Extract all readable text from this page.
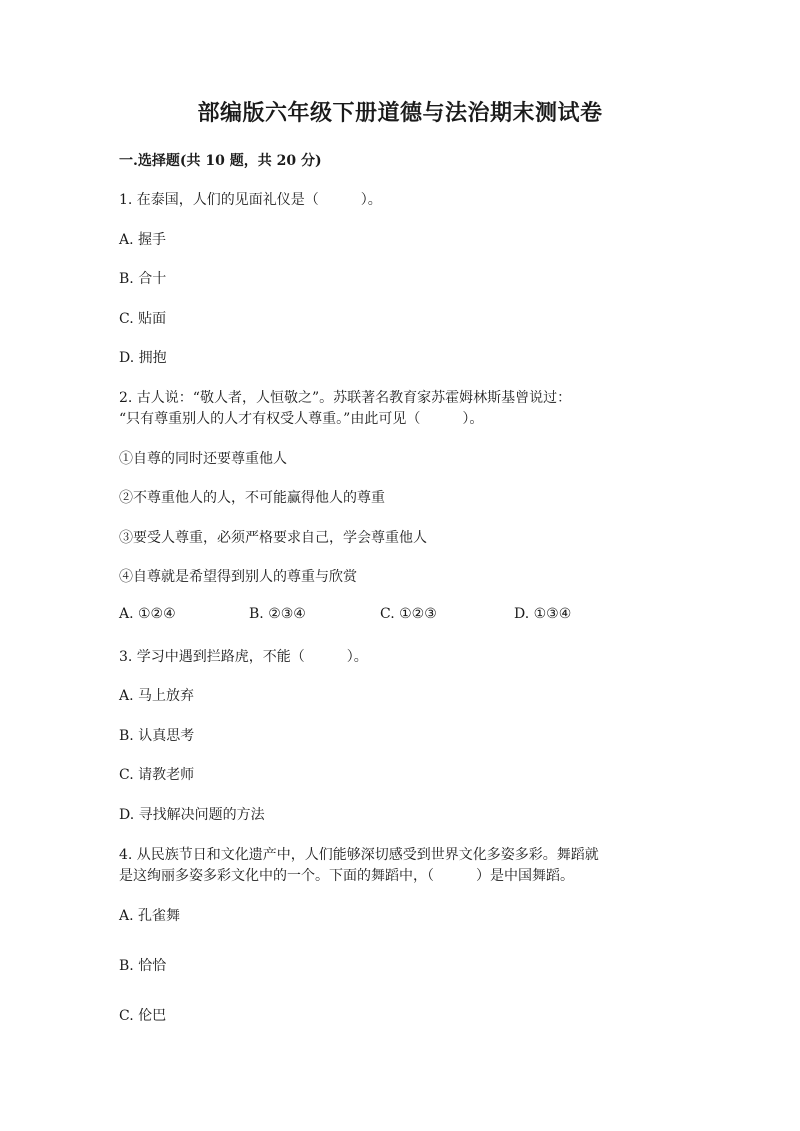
部编版六年级下册道德与法治期末测试卷
一.选择题(共 10 题，共 20 分)
1. 在泰国，人们的见面礼仪是（　　　）。
A. 握手
B. 合十
C. 贴面
D. 拥抱
2. 古人说：“敬人者，人恒敬之”。苏联著名教育家苏霍姆林斯基曾说过：
“只有尊重别人的人才有权受人尊重。”由此可见（　　　）。
①自尊的同时还要尊重他人
②不尊重他人的人，不可能赢得他人的尊重
③要受人尊重，必须严格要求自己，学会尊重他人
④自尊就是希望得到别人的尊重与欣赏
A. ①②④	B. ②③④	C. ①②③	D. ①③④
3. 学习中遇到拦路虎，不能（　　　）。
A. 马上放弃
B. 认真思考
C. 请教老师
D. 寻找解决问题的方法
4. 从民族节日和文化遗产中，人们能够深切感受到世界文化多姿多彩。舞蹈就
是这绚丽多姿多彩文化中的一个。下面的舞蹈中，（　　　）是中国舞蹈。
A. 孔雀舞
B. 恰恰
C. 伦巴
